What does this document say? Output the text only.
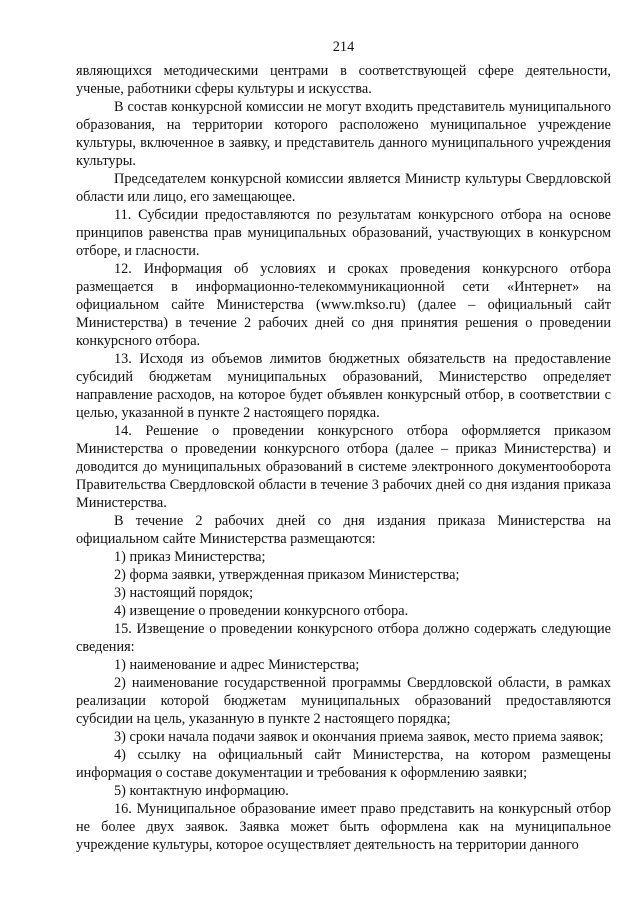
214

являющихся методическими центрами в соответствующей сфере деятельности, ученые, работники сферы культуры и искусства.

В состав конкурсной комиссии не могут входить представитель муниципального образования, на территории которого расположено муниципальное учреждение культуры, включенное в заявку, и представитель данного муниципального учреждения культуры.

Председателем конкурсной комиссии является Министр культуры Свердловской области или лицо, его замещающее.

11. Субсидии предоставляются по результатам конкурсного отбора на основе принципов равенства прав муниципальных образований, участвующих в конкурсном отборе, и гласности.

12. Информация об условиях и сроках проведения конкурсного отбора размещается в информационно-телекоммуникационной сети «Интернет» на официальном сайте Министерства (www.mkso.ru) (далее – официальный сайт Министерства) в течение 2 рабочих дней со дня принятия решения о проведении конкурсного отбора.

13. Исходя из объемов лимитов бюджетных обязательств на предоставление субсидий бюджетам муниципальных образований, Министерство определяет направление расходов, на которое будет объявлен конкурсный отбор, в соответствии с целью, указанной в пункте 2 настоящего порядка.

14. Решение о проведении конкурсного отбора оформляется приказом Министерства о проведении конкурсного отбора (далее – приказ Министерства) и доводится до муниципальных образований в системе электронного документооборота Правительства Свердловской области в течение 3 рабочих дней со дня издания приказа Министерства.

В течение 2 рабочих дней со дня издания приказа Министерства на официальном сайте Министерства размещаются:

1) приказ Министерства;

2) форма заявки, утвержденная приказом Министерства;

3) настоящий порядок;

4) извещение о проведении конкурсного отбора.

15. Извещение о проведении конкурсного отбора должно содержать следующие сведения:

1) наименование и адрес Министерства;

2) наименование государственной программы Свердловской области, в рамках реализации которой бюджетам муниципальных образований предоставляются субсидии на цель, указанную в пункте 2 настоящего порядка;

3) сроки начала подачи заявок и окончания приема заявок, место приема заявок;

4) ссылку на официальный сайт Министерства, на котором размещены информация о составе документации и требования к оформлению заявки;

5) контактную информацию.

16. Муниципальное образование имеет право представить на конкурсный отбор не более двух заявок. Заявка может быть оформлена как на муниципальное учреждение культуры, которое осуществляет деятельность на территории данного
